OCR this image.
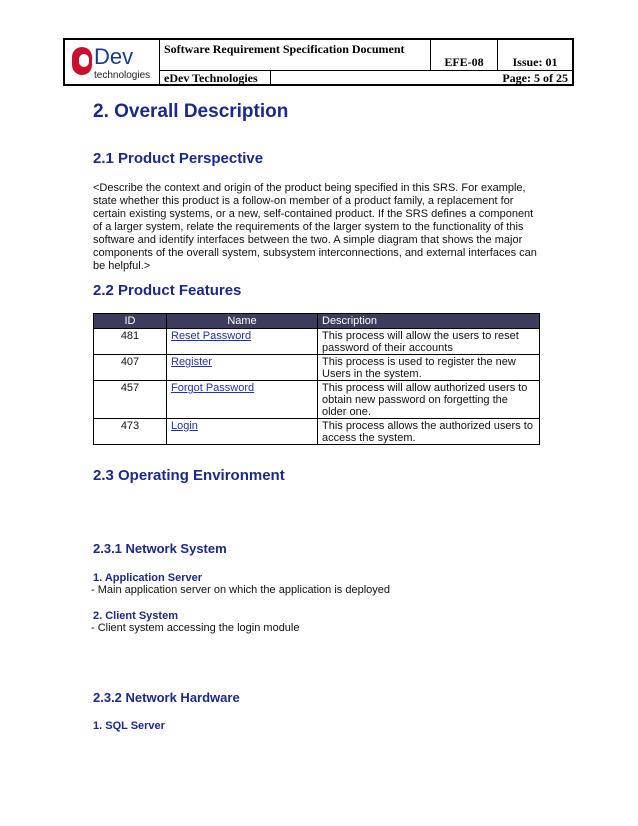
Dev
technologies
Software Requirement Specification Document
EFE-08	Issue: 01
eDev Technologies	Page: 5 of 25
2. Overall Description
2.1 Product Perspective
<Describe the context and origin of the product being specified in this SRS. For example, state whether this product is a follow-on member of a product family, a replacement for certain existing systems, or a new, self-contained product. If the SRS defines a component of a larger system, relate the requirements of the larger system to the functionality of this software and identify interfaces between the two. A simple diagram that shows the major components of the overall system, subsystem interconnections, and external interfaces can be helpful.>
2.2 Product Features
ID	Name	Description
481	Reset Password	This process will allow the users to reset password of their accounts
407	Register	This process is used to register the new Users in the system.
457	Forgot Password	This process will allow authorized users to obtain new password on forgetting the older one.
473	Login	This process allows the authorized users to access the system.
2.3 Operating Environment
2.3.1 Network System
1. Application Server
- Main application server on which the application is deployed
2. Client System
- Client system accessing the login module
2.3.2 Network Hardware
1. SQL Server
